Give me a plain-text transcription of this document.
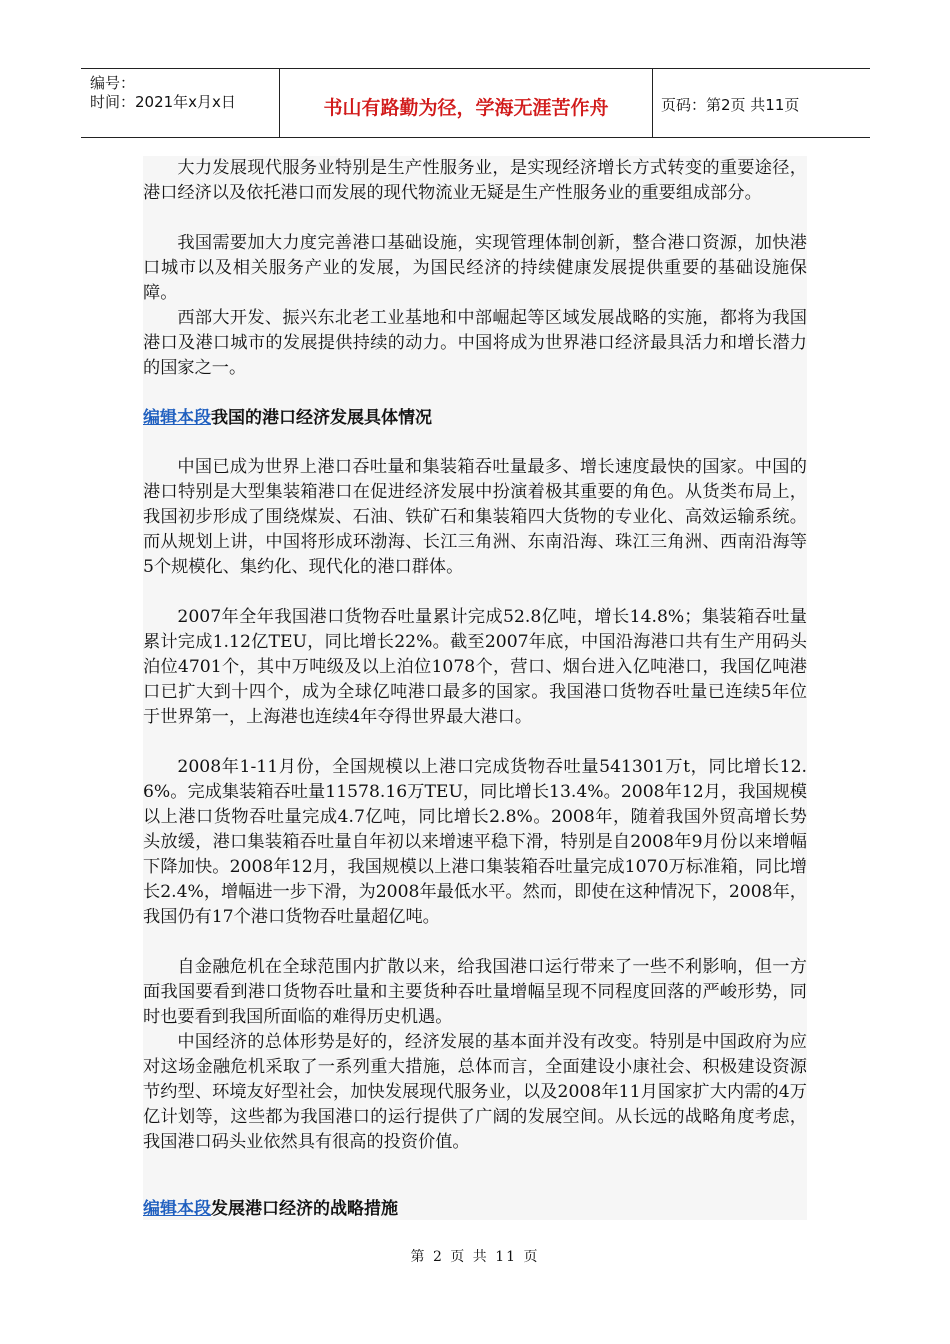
编号：
时间：2021年x月x日	书山有路勤为径，学海无涯苦作舟	页码：第2页 共11页

大力发展现代服务业特别是生产性服务业，是实现经济增长方式转变的重要途径，港口经济以及依托港口而发展的现代物流业无疑是生产性服务业的重要组成部分。

我国需要加大力度完善港口基础设施，实现管理体制创新，整合港口资源，加快港口城市以及相关服务产业的发展，为国民经济的持续健康发展提供重要的基础设施保障。

西部大开发、振兴东北老工业基地和中部崛起等区域发展战略的实施，都将为我国港口及港口城市的发展提供持续的动力。中国将成为世界港口经济最具活力和增长潜力的国家之一。

编辑本段我国的港口经济发展具体情况

中国已成为世界上港口吞吐量和集装箱吞吐量最多、增长速度最快的国家。中国的港口特别是大型集装箱港口在促进经济发展中扮演着极其重要的角色。从货类布局上，我国初步形成了围绕煤炭、石油、铁矿石和集装箱四大货物的专业化、高效运输系统。而从规划上讲，中国将形成环渤海、长江三角洲、东南沿海、珠江三角洲、西南沿海等5个规模化、集约化、现代化的港口群体。

2007年全年我国港口货物吞吐量累计完成52.8亿吨，增长14.8%；集装箱吞吐量累计完成1.12亿TEU，同比增长22%。截至2007年底，中国沿海港口共有生产用码头泊位4701个，其中万吨级及以上泊位1078个，营口、烟台进入亿吨港口，我国亿吨港口已扩大到十四个，成为全球亿吨港口最多的国家。我国港口货物吞吐量已连续5年位于世界第一，上海港也连续4年夺得世界最大港口。

2008年1-11月份，全国规模以上港口完成货物吞吐量541301万t，同比增长12.6%。完成集装箱吞吐量11578.16万TEU，同比增长13.4%。2008年12月，我国规模以上港口货物吞吐量完成4.7亿吨，同比增长2.8%。2008年，随着我国外贸高增长势头放缓，港口集装箱吞吐量自年初以来增速平稳下滑，特别是自2008年9月份以来增幅下降加快。2008年12月，我国规模以上港口集装箱吞吐量完成1070万标准箱，同比增长2.4%，增幅进一步下滑，为2008年最低水平。然而，即使在这种情况下，2008年，我国仍有17个港口货物吞吐量超亿吨。

自金融危机在全球范围内扩散以来，给我国港口运行带来了一些不利影响，但一方面我国要看到港口货物吞吐量和主要货种吞吐量增幅呈现不同程度回落的严峻形势，同时也要看到我国所面临的难得历史机遇。

中国经济的总体形势是好的，经济发展的基本面并没有改变。特别是中国政府为应对这场金融危机采取了一系列重大措施，总体而言，全面建设小康社会、积极建设资源节约型、环境友好型社会，加快发展现代服务业，以及2008年11月国家扩大内需的4万亿计划等，这些都为我国港口的运行提供了广阔的发展空间。从长远的战略角度考虑，我国港口码头业依然具有很高的投资价值。

编辑本段发展港口经济的战略措施
第 2 页 共 11 页
